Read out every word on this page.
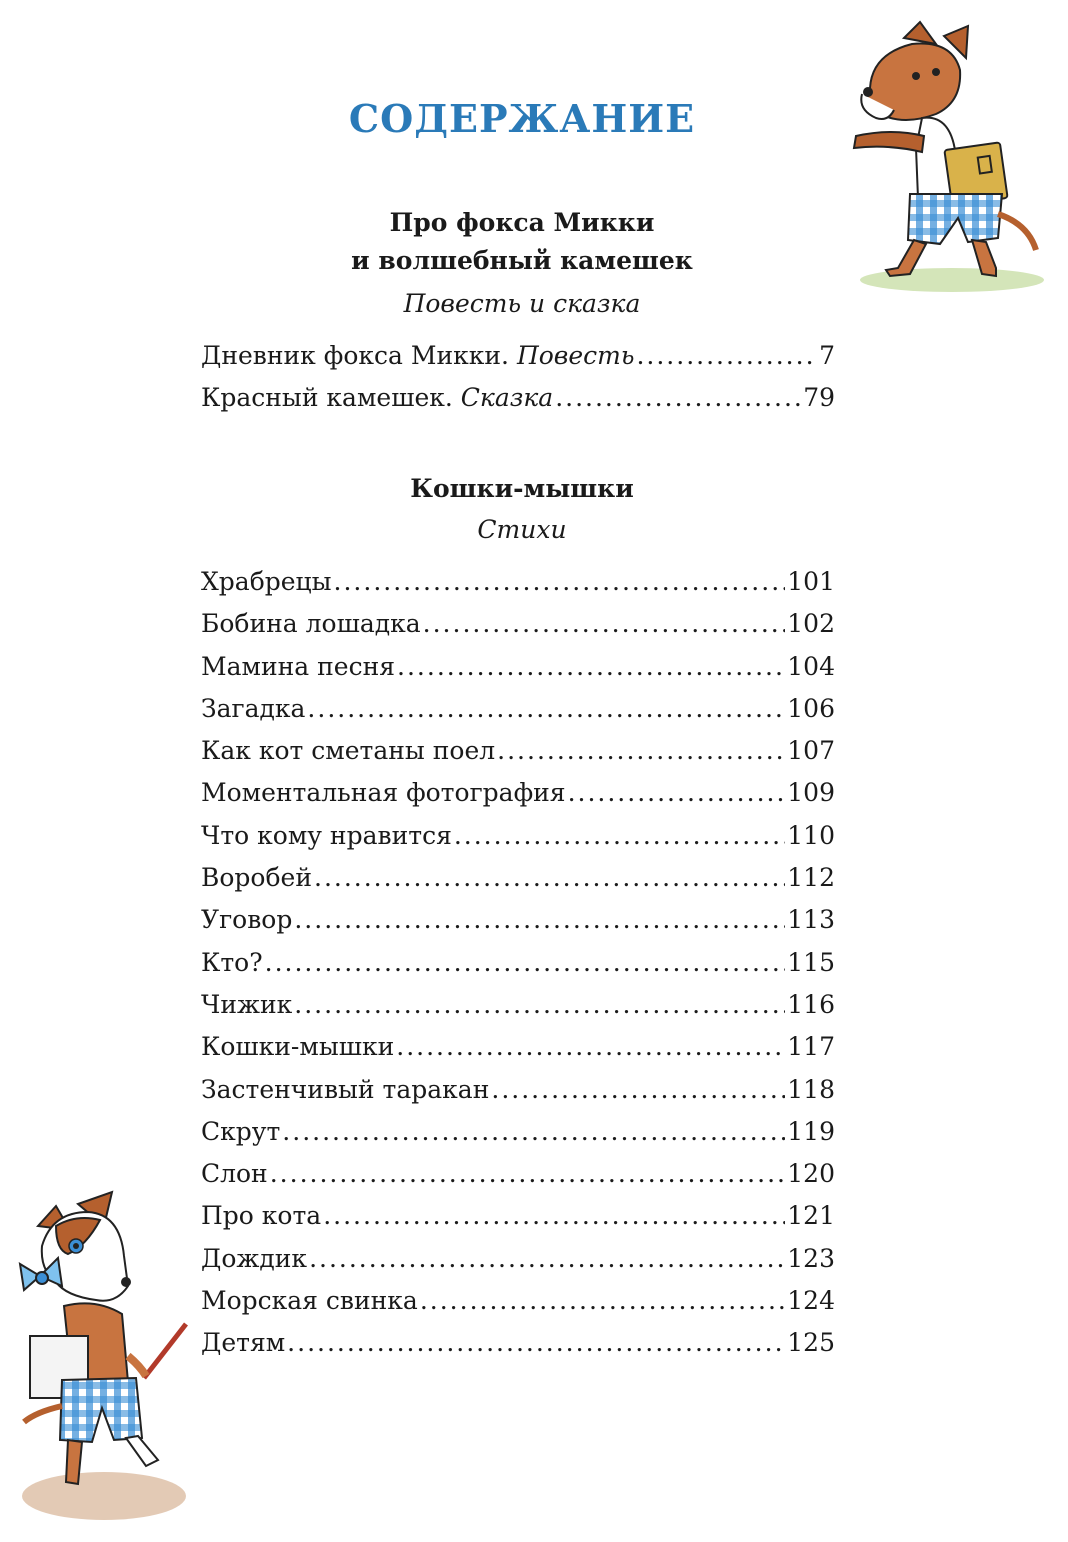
СОДЕРЖАНИЕ
Про фокса Микки
и волшебный камешек
Повесть и сказка
Дневник фокса Микки. Повесть .....	7
Красный камешек. Сказка .....	79
Кошки-мышки
Стихи
Храбрецы .....	101
Бобина лошадка .....	102
Мамина песня .....	104
Загадка .....	106
Как кот сметаны поел .....	107
Моментальная фотография .....	109
Что кому нравится .....	110
Воробей .....	112
Уговор .....	113
Кто? .....	115
Чижик .....	116
Кошки-мышки .....	117
Застенчивый таракан .....	118
Скрут .....	119
Слон .....	120
Про кота .....	121
Дождик .....	123
Морская свинка .....	124
Детям .....	125
